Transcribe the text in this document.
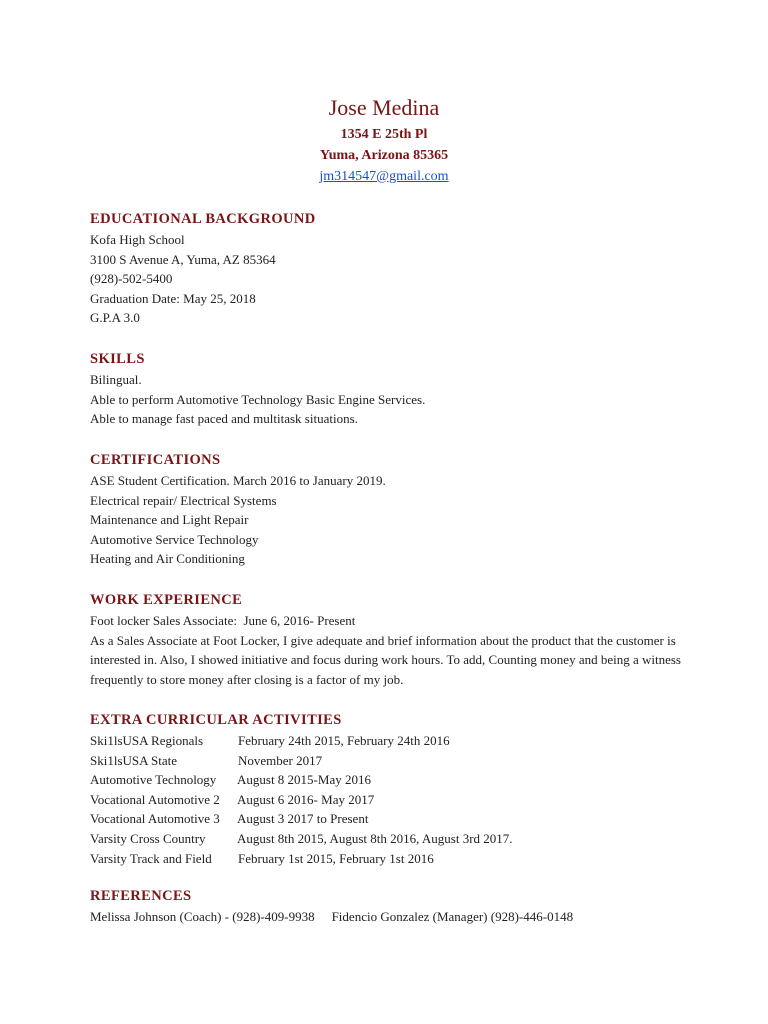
Jose Medina
1354 E 25th Pl
Yuma, Arizona 85365
jm314547@gmail.com
EDUCATIONAL BACKGROUND
Kofa High School
3100 S Avenue A, Yuma, AZ 85364
(928)-502-5400
Graduation Date: May 25, 2018
G.P.A 3.0
SKILLS
Bilingual.
Able to perform Automotive Technology Basic Engine Services.
Able to manage fast paced and multitask situations.
CERTIFICATIONS
ASE Student Certification. March 2016 to January 2019.
Electrical repair/ Electrical Systems
Maintenance and Light Repair
Automotive Service Technology
Heating and Air Conditioning
WORK EXPERIENCE
Foot locker Sales Associate:  June 6, 2016- Present
As a Sales Associate at Foot Locker, I give adequate and brief information about the product that the customer is interested in. Also, I showed initiative and focus during work hours. To add, Counting money and being a witness frequently to store money after closing is a factor of my job.
EXTRA CURRICULAR ACTIVITIES
Ski1lsUSA Regionals	February 24th 2015, February 24th 2016
Ski1lsUSA State	November 2017
Automotive Technology	August 8 2015-May 2016
Vocational Automotive 2	August 6 2016- May 2017
Vocational Automotive 3	August 3 2017 to Present
Varsity Cross Country	August 8th 2015, August 8th 2016, August 3rd 2017.
Varsity Track and Field	February 1st 2015, February 1st 2016
REFERENCES
Melissa Johnson (Coach) - (928)-409-9938 Fidencio Gonzalez (Manager) (928)-446-0148
